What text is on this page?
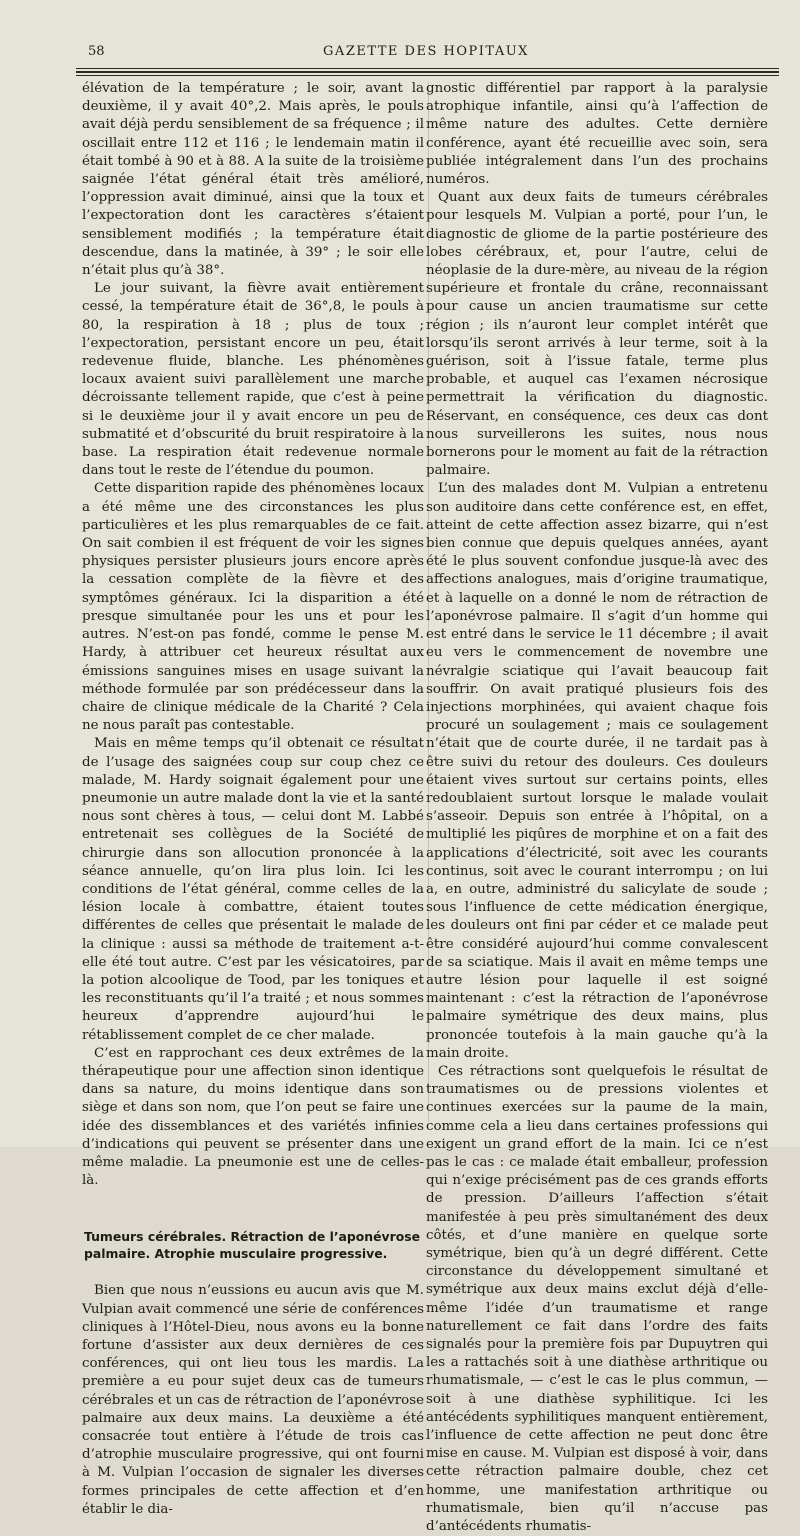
58	GAZETTE DES HOPITAUX

élévation de la température ; le soir, avant la deuxième, il y avait 40°,2. Mais après, le pouls avait déjà perdu sensiblement de sa fréquence ; il oscillait entre 112 et 116 ; le lendemain matin il était tombé à 90 et à 88. A la suite de la troisième saignée l’état général était très amélioré, l’oppression avait diminué, ainsi que la toux et l’expectoration dont les caractères s’étaient sensiblement modifiés ; la température était descendue, dans la matinée, à 39° ; le soir elle n’était plus qu’à 38°.

Le jour suivant, la fièvre avait entièrement cessé, la température était de 36°,8, le pouls à 80, la respiration à 18 ; plus de toux ; l’expectoration, persistant encore un peu, était redevenue fluide, blanche. Les phénomènes locaux avaient suivi parallèlement une marche décroissante tellement rapide, que c’est à peine si le deuxième jour il y avait encore un peu de submatité et d’obscurité du bruit respiratoire à la base. La respiration était redevenue normale dans tout le reste de l’étendue du poumon.

Cette disparition rapide des phénomènes locaux a été même une des circonstances les plus particulières et les plus remarquables de ce fait. On sait combien il est fréquent de voir les signes physiques persister plusieurs jours encore après la cessation complète de la fièvre et des symptômes généraux. Ici la disparition a été presque simultanée pour les uns et pour les autres. N’est-on pas fondé, comme le pense M. Hardy, à attribuer cet heureux résultat aux émissions sanguines mises en usage suivant la méthode formulée par son prédécesseur dans la chaire de clinique médicale de la Charité ? Cela ne nous paraît pas contestable.

Mais en même temps qu’il obtenait ce résultat de l’usage des saignées coup sur coup chez ce malade, M. Hardy soignait également pour une pneumonie un autre malade dont la vie et la santé nous sont chères à tous, — celui dont M. Labbé entretenait ses collègues de la Société de chirurgie dans son allocution prononcée à la séance annuelle, qu’on lira plus loin. Ici les conditions de l’état général, comme celles de la lésion locale à combattre, étaient toutes différentes de celles que présentait le malade de la clinique : aussi sa méthode de traitement a-t-elle été tout autre. C’est par les vésicatoires, par la potion alcoolique de Tood, par les toniques et les reconstituants qu’il l’a traité ; et nous sommes heureux d’apprendre aujourd’hui le rétablissement complet de ce cher malade.

C’est en rapprochant ces deux extrêmes de la thérapeutique pour une affection sinon identique dans sa nature, du moins identique dans son siège et dans son nom, que l’on peut se faire une idée des dissemblances et des variétés infinies d’indications qui peuvent se présenter dans une même maladie. La pneumonie est une de celles-là.

Tumeurs cérébrales. Rétraction de l’aponévrose palmaire. Atrophie musculaire progressive.

Bien que nous n’eussions eu aucun avis que M. Vulpian avait commencé une série de conférences cliniques à l’Hôtel-Dieu, nous avons eu la bonne fortune d’assister aux deux dernières de ces conférences, qui ont lieu tous les mardis. La première a eu pour sujet deux cas de tumeurs cérébrales et un cas de rétraction de l’aponévrose palmaire aux deux mains. La deuxième a été consacrée tout entière à l’étude de trois cas d’atrophie musculaire progressive, qui ont fourni à M. Vulpian l’occasion de signaler les diverses formes principales de cette affection et d’en établir le dia-

gnostic différentiel par rapport à la paralysie atrophique infantile, ainsi qu’à l’affection de même nature des adultes. Cette dernière conférence, ayant été recueillie avec soin, sera publiée intégralement dans l’un des prochains numéros.

Quant aux deux faits de tumeurs cérébrales pour lesquels M. Vulpian a porté, pour l’un, le diagnostic de gliome de la partie postérieure des lobes cérébraux, et, pour l’autre, celui de néoplasie de la dure-mère, au niveau de la région supérieure et frontale du crâne, reconnaissant pour cause un ancien traumatisme sur cette région ; ils n’auront leur complet intérêt que lorsqu’ils seront arrivés à leur terme, soit à la guérison, soit à l’issue fatale, terme plus probable, et auquel cas l’examen nécrosique permettrait la vérification du diagnostic. Réservant, en conséquence, ces deux cas dont nous surveillerons les suites, nous nous bornerons pour le moment au fait de la rétraction palmaire.

L’un des malades dont M. Vulpian a entretenu son auditoire dans cette conférence est, en effet, atteint de cette affection assez bizarre, qui n’est bien connue que depuis quelques années, ayant été le plus souvent confondue jusque-là avec des affections analogues, mais d’origine traumatique, et à laquelle on a donné le nom de rétraction de l’aponévrose palmaire. Il s’agit d’un homme qui est entré dans le service le 11 décembre ; il avait eu vers le commencement de novembre une névralgie sciatique qui l’avait beaucoup fait souffrir. On avait pratiqué plusieurs fois des injections morphinées, qui avaient chaque fois procuré un soulagement ; mais ce soulagement n’était que de courte durée, il ne tardait pas à être suivi du retour des douleurs. Ces douleurs étaient vives surtout sur certains points, elles redoublaient surtout lorsque le malade voulait s’asseoir. Depuis son entrée à l’hôpital, on a multiplié les piqûres de morphine et on a fait des applications d’électricité, soit avec les courants continus, soit avec le courant interrompu ; on lui a, en outre, administré du salicylate de soude ; sous l’influence de cette médication énergique, les douleurs ont fini par céder et ce malade peut être considéré aujourd’hui comme convalescent de sa sciatique. Mais il avait en même temps une autre lésion pour laquelle il est soigné maintenant : c’est la rétraction de l’aponévrose palmaire symétrique des deux mains, plus prononcée toutefois à la main gauche qu’à la main droite.

Ces rétractions sont quelquefois le résultat de traumatismes ou de pressions violentes et continues exercées sur la paume de la main, comme cela a lieu dans certaines professions qui exigent un grand effort de la main. Ici ce n’est pas le cas : ce malade était emballeur, profession qui n’exige précisément pas de ces grands efforts de pression. D’ailleurs l’affection s’était manifestée à peu près simultanément des deux côtés, et d’une manière en quelque sorte symétrique, bien qu’à un degré différent. Cette circonstance du développement simultané et symétrique aux deux mains exclut déjà d’elle-même l’idée d’un traumatisme et range naturellement ce fait dans l’ordre des faits signalés pour la première fois par Dupuytren qui les a rattachés soit à une diathèse arthritique ou rhumatismale, — c’est le cas le plus commun, — soit à une diathèse syphilitique. Ici les antécédents syphilitiques manquent entièrement, l’influence de cette affection ne peut donc être mise en cause. M. Vulpian est disposé à voir, dans cette rétraction palmaire double, chez cet homme, une manifestation arthritique ou rhumatismale, bien qu’il n’accuse pas d’antécédents rhumatis-
